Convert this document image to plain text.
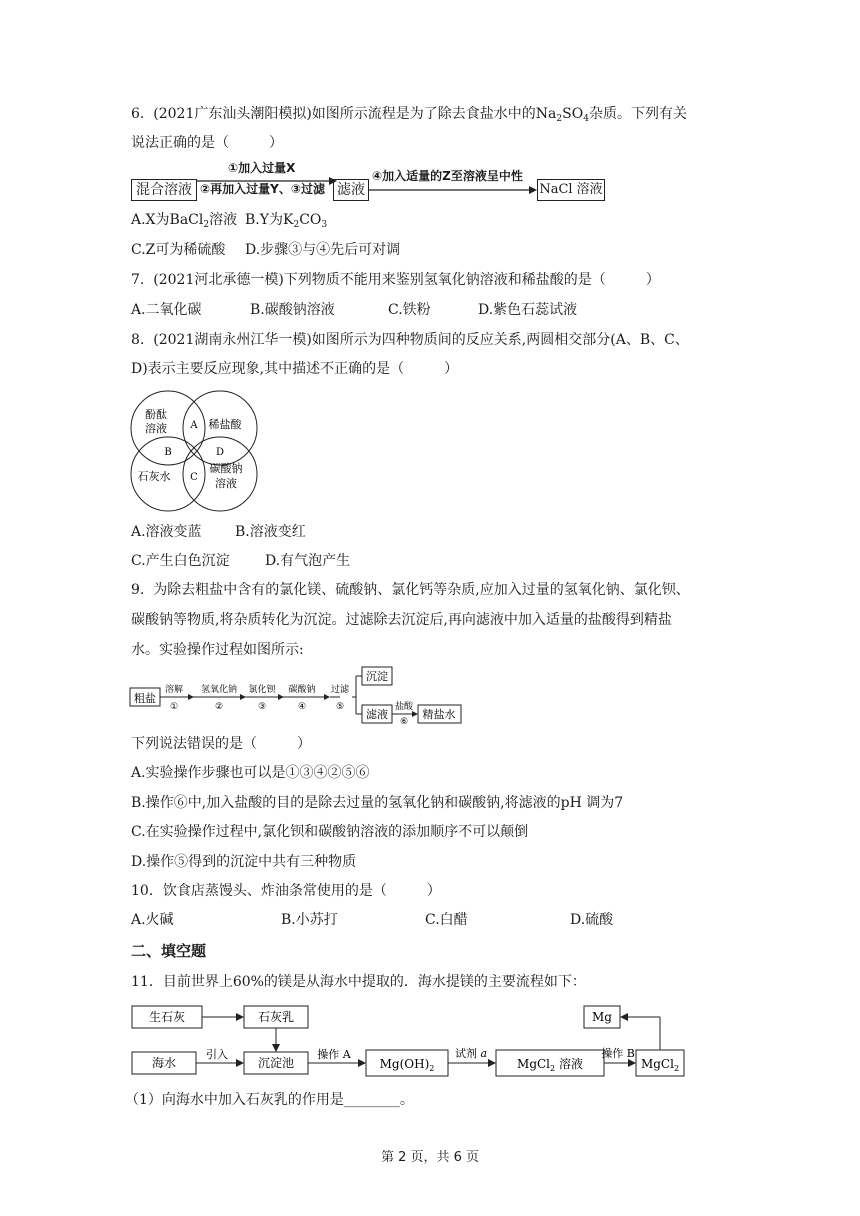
6.  (2021广东汕头潮阳模拟)如图所示流程是为了除去食盐水中的$Na_2SO_4$杂质。下列有关
说法正确的是（         ）
混合溶液
①加入过量X
②再加入过量Y、③过滤 滤液
④加入适量的Z至溶液呈中性
NaCl 溶液
A.X为BaCl$_2$溶液 B.Y为$K_2CO_3$
C.Z可为稀硫酸 D.步骤③与④先后可对调
7.  (2021河北承德一模)下列物质不能用来鉴别氢氧化钠溶液和稀盐酸的是（         ）
A.二氧化碳	B.碳酸钠溶液	C.铁粉	D.紫色石蕊试液
8.  (2021湖南永州江华一模)如图所示为四种物质间的反应关系,两圆相交部分(A、B、C、
D)表示主要反应现象,其中描述不正确的是（         ）
酚酞
溶液	稀盐酸
石灰水
碳酸钠
溶液
A
B	D
C
A.溶液变蓝 B.溶液变红
C.产生白色沉淀	D.有气泡产生
9.  为除去粗盐中含有的氯化镁、硫酸钠、氯化钙等杂质,应加入过量的氢氧化钠、氯化钡、
碳酸钠等物质,将杂质转化为沉淀。过滤除去沉淀后,再向滤液中加入适量的盐酸得到精盐
水。实验操作过程如图所示:
粗盐
溶解
①
氢氧化钠
②
氯化钡
③
碳酸钠
④
过滤
⑤
沉淀
滤液
盐酸
⑥
精盐水
下列说法错误的是（         ）
A.实验操作步骤也可以是①③④②⑤⑥
B.操作⑥中,加入盐酸的目的是除去过量的氢氧化钠和碳酸钠,将滤液的pH 调为7
C.在实验操作过程中,氯化钡和碳酸钠溶液的添加顺序不可以颠倒
D.操作⑤得到的沉淀中共有三种物质
10．饮食店蒸馒头、炸油条常使用的是（         ）
A.火碱	B.小苏打	C.白醋	D.硫酸
二、填空题
11．目前世界上60%的镁是从海水中提取的．海水提镁的主要流程如下：
生石灰	石灰乳
海水
引入
沉淀池
操作 A
$Mg(OH)_2$
试剂 a
MgCl$_2$ 溶液
操作 B
MgCl$_2$
Mg
（1）向海水中加入石灰乳的作用是________。
第 2 页，共 6 页
